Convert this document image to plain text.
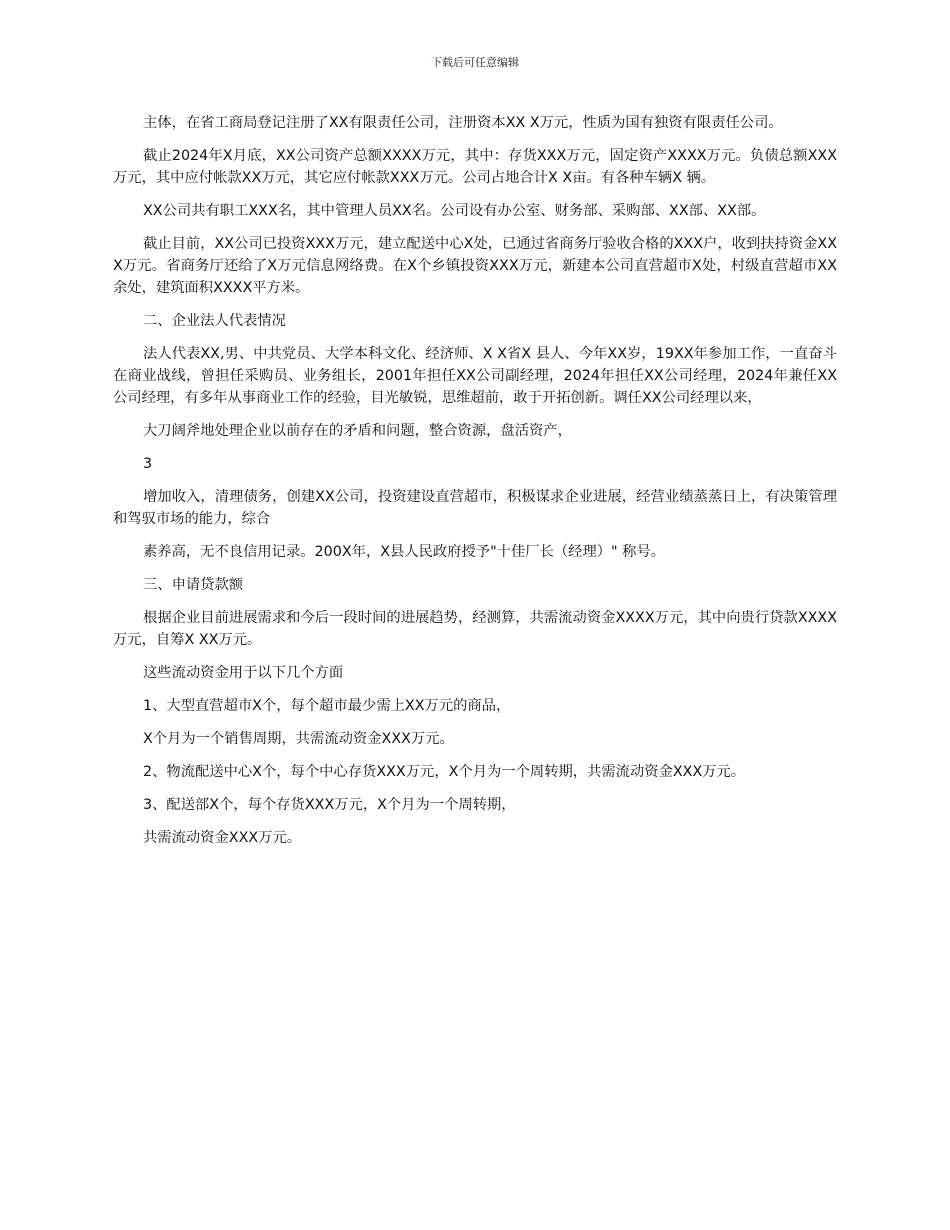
下载后可任意编辑

主体，在省工商局登记注册了XX有限责任公司，注册资本XX X万元，性质为国有独资有限责任公司。

截止2024年X月底，XX公司资产总额XXXX万元，其中：存货XXX万元，固定资产XXXX万元。负债总额XXX万元，其中应付帐款XX万元，其它应付帐款XXX万元。公司占地合计X X亩。有各种车辆X 辆。

XX公司共有职工XXX名，其中管理人员XX名。公司设有办公室、财务部、采购部、XX部、XX部。

截止目前，XX公司已投资XXX万元，建立配送中心X处，已通过省商务厅验收合格的XXX户，收到扶持资金XXX万元。省商务厅还给了X万元信息网络费。在X个乡镇投资XXX万元，新建本公司直营超市X处，村级直营超市XX余处，建筑面积XXXX平方米。

二、企业法人代表情况

法人代表XX,男、中共党员、大学本科文化、经济师、X X省X 县人、今年XX岁，19XX年参加工作，一直奋斗在商业战线，曾担任采购员、业务组长，2001年担任XX公司副经理，2024年担任XX公司经理，2024年兼任XX公司经理，有多年从事商业工作的经验，目光敏锐，思维超前，敢于开拓创新。调任XX公司经理以来，

大刀阔斧地处理企业以前存在的矛盾和问题，整合资源，盘活资产，

3

增加收入，清理债务，创建XX公司，投资建设直营超市，积极谋求企业进展，经营业绩蒸蒸日上，有决策管理和驾驭市场的能力，综合

素养高，无不良信用记录。200X年，X县人民政府授予"十佳厂长（经理）" 称号。

三、申请贷款额

根据企业目前进展需求和今后一段时间的进展趋势，经测算，共需流动资金XXXX万元，其中向贵行贷款XXXX万元，自筹X XX万元。

这些流动资金用于以下几个方面

1、大型直营超市X个，每个超市最少需上XX万元的商品，

X个月为一个销售周期，共需流动资金XXX万元。

2、物流配送中心X个，每个中心存货XXX万元，X个月为一个周转期，共需流动资金XXX万元。

3、配送部X个，每个存货XXX万元，X个月为一个周转期，

共需流动资金XXX万元。
